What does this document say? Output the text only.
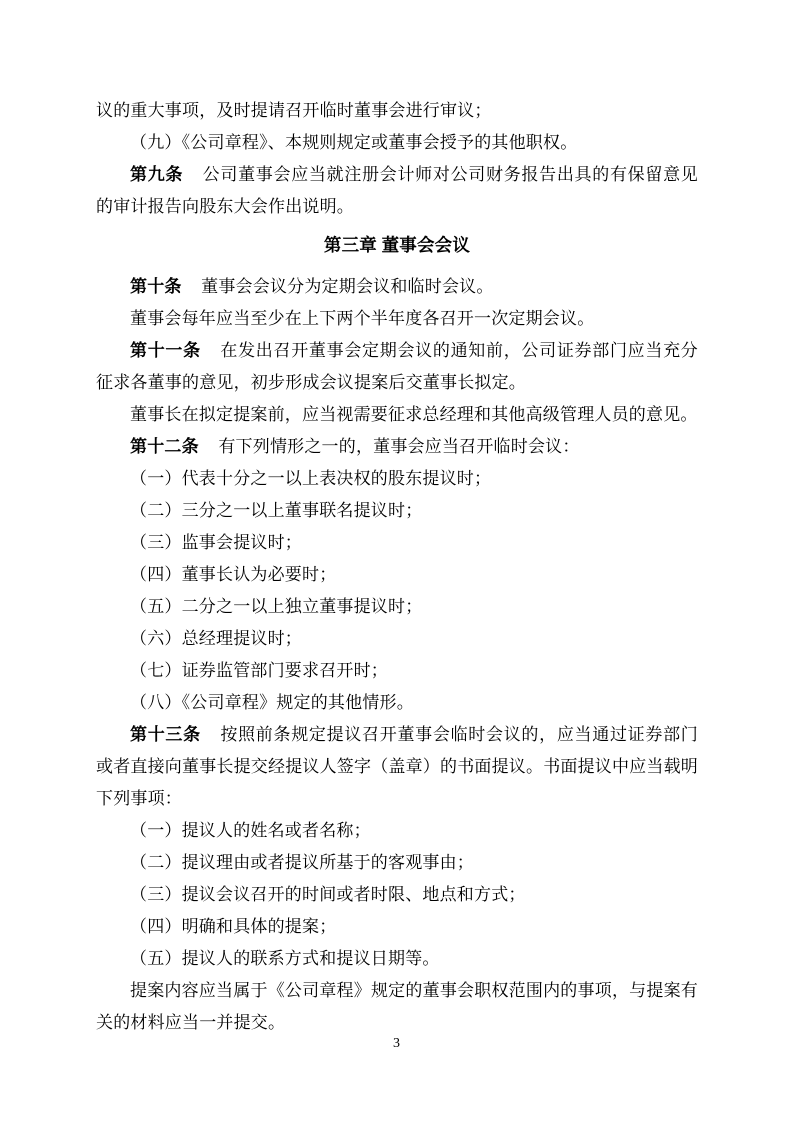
议的重大事项，及时提请召开临时董事会进行审议；

（九）《公司章程》、本规则规定或董事会授予的其他职权。

第九条 公司董事会应当就注册会计师对公司财务报告出具的有保留意见的审计报告向股东大会作出说明。

第三章 董事会会议

第十条 董事会会议分为定期会议和临时会议。

董事会每年应当至少在上下两个半年度各召开一次定期会议。

第十一条 在发出召开董事会定期会议的通知前，公司证券部门应当充分征求各董事的意见，初步形成会议提案后交董事长拟定。

董事长在拟定提案前，应当视需要征求总经理和其他高级管理人员的意见。

第十二条 有下列情形之一的，董事会应当召开临时会议：

（一）代表十分之一以上表决权的股东提议时；

（二）三分之一以上董事联名提议时；

（三）监事会提议时；

（四）董事长认为必要时；

（五）二分之一以上独立董事提议时；

（六）总经理提议时；

（七）证券监管部门要求召开时；

（八）《公司章程》规定的其他情形。

第十三条 按照前条规定提议召开董事会临时会议的，应当通过证券部门或者直接向董事长提交经提议人签字（盖章）的书面提议。书面提议中应当载明下列事项：

（一）提议人的姓名或者名称；

（二）提议理由或者提议所基于的客观事由；

（三）提议会议召开的时间或者时限、地点和方式；

（四）明确和具体的提案；

（五）提议人的联系方式和提议日期等。

提案内容应当属于《公司章程》规定的董事会职权范围内的事项，与提案有关的材料应当一并提交。

3
